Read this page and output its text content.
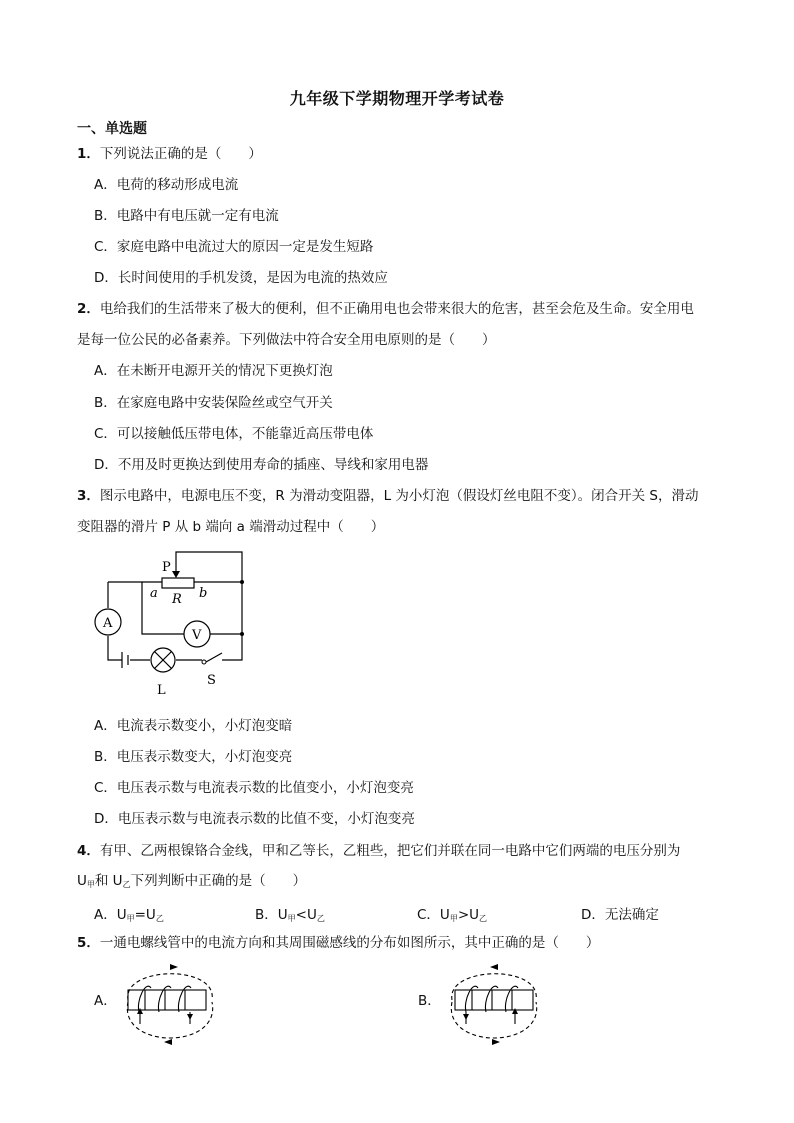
九年级下学期物理开学考试卷
一、单选题
1．下列说法正确的是（　　）
A．电荷的移动形成电流
B．电路中有电压就一定有电流
C．家庭电路中电流过大的原因一定是发生短路
D．长时间使用的手机发烫，是因为电流的热效应
2．电给我们的生活带来了极大的便利，但不正确用电也会带来很大的危害，甚至会危及生命。安全用电
是每一位公民的必备素养。下列做法中符合安全用电原则的是（　　）
A．在未断开电源开关的情况下更换灯泡
B．在家庭电路中安装保险丝或空气开关
C．可以接触低压带电体，不能靠近高压带电体
D．不用及时更换达到使用寿命的插座、导线和家用电器
3．图示电路中，电源电压不变，R 为滑动变阻器，L 为小灯泡（假设灯丝电阻不变）。闭合开关 S，滑动
变阻器的滑片 P 从 b 端向 a 端滑动过程中（　　）
P
a R b
A
V
L
S
A．电流表示数变小，小灯泡变暗
B．电压表示数变大，小灯泡变亮
C．电压表示数与电流表示数的比值变小，小灯泡变亮
D．电压表示数与电流表示数的比值不变，小灯泡变亮
4．有甲、乙两根镍铬合金线，甲和乙等长，乙粗些，把它们并联在同一电路中它们两端的电压分别为
$U_甲$和 $U_乙$下列判断中正确的是（　　）
A．$U_甲=U_乙$	B．$U_甲<U_乙$	C．$U_甲>U_乙$	D．无法确定
5．一通电螺线管中的电流方向和其周围磁感线的分布如图所示，其中正确的是（　　）
A．	B．
